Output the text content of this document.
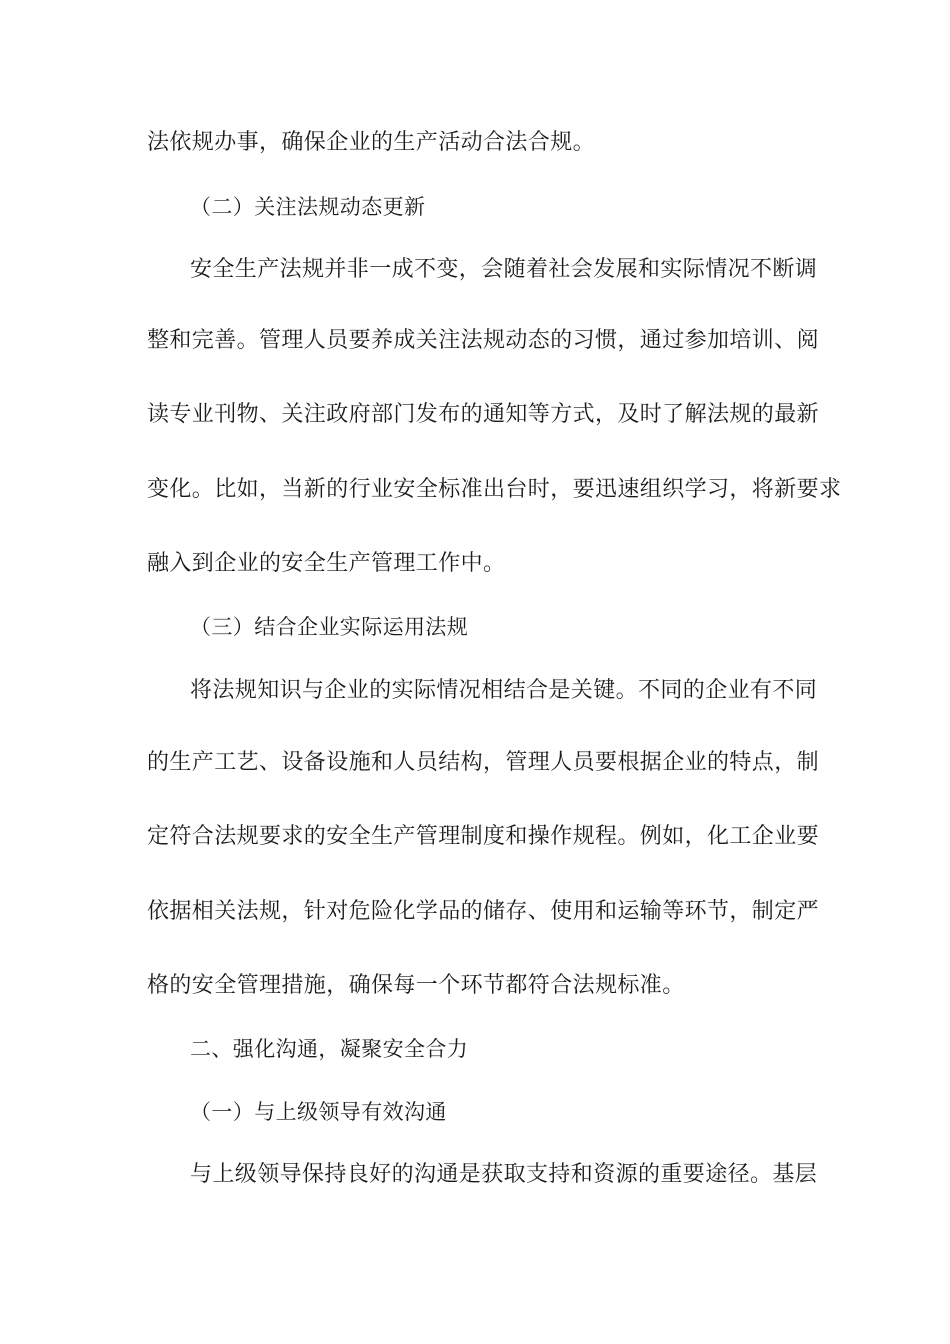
法依规办事，确保企业的生产活动合法合规。
（二）关注法规动态更新
安全生产法规并非一成不变，会随着社会发展和实际情况不断调
整和完善。管理人员要养成关注法规动态的习惯，通过参加培训、阅
读专业刊物、关注政府部门发布的通知等方式，及时了解法规的最新
变化。比如，当新的行业安全标准出台时，要迅速组织学习，将新要求
融入到企业的安全生产管理工作中。
（三）结合企业实际运用法规
将法规知识与企业的实际情况相结合是关键。不同的企业有不同
的生产工艺、设备设施和人员结构，管理人员要根据企业的特点，制
定符合法规要求的安全生产管理制度和操作规程。例如，化工企业要
依据相关法规，针对危险化学品的储存、使用和运输等环节，制定严
格的安全管理措施，确保每一个环节都符合法规标准。
二、强化沟通，凝聚安全合力
（一）与上级领导有效沟通
与上级领导保持良好的沟通是获取支持和资源的重要途径。基层
